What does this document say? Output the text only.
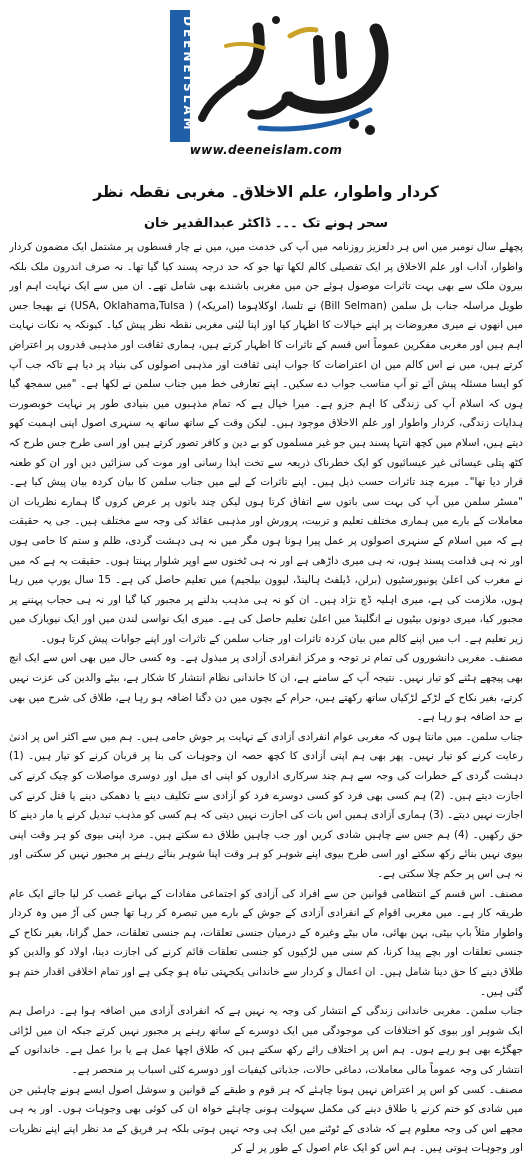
DEENEISLAM
www.deeneislam.com
کردار واطوار، علم الاخلاق۔ مغربی نقطہ نظر
سحر ہونے تک ۔۔۔ ڈاکٹر عبدالقدیر خان

پچھلے سال نومبر میں اس ہر دلعزیز روزنامہ میں آپ کی خدمت میں، میں نے چار قسطوں پر مشتمل ایک مضمون کردار واطوار، آداب اور علم الاخلاق پر ایک تفصیلی کالم لکھا تھا جو کہ حد درجہ پسند کیا گیا تھا۔ نہ صرف اندرون ملک بلکہ بیرون ملک سے بھی بہت تاثرات موصول ہوئے جن میں مغربی باشندے بھی شامل تھے۔ ان میں سے ایک نہایت اہم اور طویل مراسلہ جناب بل سلمن (Bill Selman) نے تلسا، اوکلاہوما (امریکہ) ( USA, Oklahama,Tulsa) نے بھیجا جس میں انھوں نے میری معروضات پر اپنے خیالات کا اظہار کیا اور اپنا لیٰنی مغربی نقطہ نظر پیش کیا۔ کیونکہ یہ نکات نہایت اہم ہیں اور مغربی مفکرین عموماً اس قسم کے تاثرات کا اظہار کرتے ہیں، ہماری ثقافت اور مذہبی قدروں پر اعتراض کرتے ہیں، میں نے اس کالم میں ان اعتراضات کا جواب اپنی ثقافت اور مذہبی اصولوں کی بنیاد پر دیا ہے تاکہ جب آپ کو ایسا مسئلہ پیش آئے تو آپ مناسب جواب دے سکیں۔ اپنے تعارفی خط میں جناب سلمن نے لکھا ہے۔ "میں سمجھ گیا ہوں کہ اسلام آپ کی زندگی کا اہم جزو ہے۔ میرا خیال ہے کہ تمام مذہبوں میں بنیادی طور پر نہایت خوبصورت ہدایات زندگی، کردار واطوار اور علم الاخلاق موجود ہیں۔ لیکن وقت کے ساتھ ساتھ یہ سنہری اصول اپنی اہمیت کھو دیتے ہیں، اسلام میں کچھ انتہا پسند ہیں جو غیر مسلموں کو بے دین و کافر تصور کرتے ہیں اور اسی طرح جس طرح کہ کٹھ پتلی عیسائی غیر عیسائیوں کو ایک خطرناک ذریعہ سے تخت ایذا رسانی اور موت کی سزائیں دیں اور ان کو طعنہ قرار دیا تھا"۔ میرے چند تاثرات حسب ذیل ہیں۔ اپنے تاثرات کے لیے میں جناب سلمن کا بیان کردہ بیان پیش کیا ہے۔ "مسٹر سلمن میں آپ کی بہت سی باتوں سے اتفاق کرتا ہوں لیکن چند باتوں پر عرض کروں گا ہمارے نظریات ان معاملات کے بارے میں ہماری مختلف تعلیم و تربیت، پرورش اور مذہبی عقائد کی وجہ سے مختلف ہیں۔ جی یہ حقیقت ہے کہ میں اسلام کے سنہری اصولوں پر عمل پیرا ہونا ہوں مگر میں نہ ہی دہشت گردی، ظلم و ستم کا حامی ہوں اور نہ ہی قدامت پسند ہوں، نہ ہی میری داڑھی ہے اور نہ ہی ٹخنوں سے اوپر شلوار پہنتا ہوں۔ حقیقت یہ ہے کہ میں نے مغرب کی اعلیٰ یونیورسٹیوں (برلن، ڈیلفٹ ہالینڈ، لیوون بیلجیم) میں تعلیم حاصل کی ہے۔ 15 سال یورپ میں رہا ہوں، ملازمت کی ہے، میری اہلیہ ڈچ نژاد ہیں۔ ان کو نہ ہی مذہب بدلنے پر مجبور کیا گیا اور نہ ہی حجاب پہننے پر مجبور کیا، میری دونوں بیٹیوں نے انگلینڈ میں اعلیٰ تعلیم حاصل کی ہے۔ میری ایک نواسی لندن میں اور ایک نیویارک میں زیر تعلیم ہے۔ اب میں اپنے کالم میں بیان کردہ تاثرات اور جناب سلمن کے تاثرات اور اپنے جوابات پیش کرتا ہوں۔

مصنف۔ مغربی دانشوروں کی تمام تر توجہ و مرکز انفرادی آزادی پر مبذول ہے۔ وہ کسی حال میں بھی اس سے ایک انچ بھی پیچھے ہٹنے کو تیار نہیں۔ نتیجہ آپ کے سامنے ہے، ان کا خاندانی نظام انتشار کا شکار ہے، بیٹے والدین کی عزت نہیں کرتے، بغیر نکاح کے لڑکے لڑکیاں ساتھ رکھتے ہیں، حرام کے بچوں میں دن دگنا اضافہ ہو رہا ہے، طلاق کی شرح میں بھی بے حد اضافہ ہو رہا ہے۔

جناب سلمن۔ میں مانتا ہوں کہ مغربی عوام انفرادی آزادی کے نہایت پر جوش حامی ہیں۔ ہم میں سے اکثر اس پر ادنیٰ رعایت کرنے کو تیار نہیں۔ پھر بھی ہم اپنی آزادی کا کچھ حصہ ان وجوہات کی بنا پر قربان کرنے کو تیار ہیں۔ (1) دہشت گردی کے خطرات کی وجہ سے ہم چند سرکاری اداروں کو اپنی ای میل اور دوسری مواصلات کو چیک کرنے کی اجازت دیتے ہیں۔ (2) ہم کسی بھی فرد کو کسی دوسرے فرد کو آزادی سے تکلیف دینے یا دھمکی دینے یا قتل کرنے کی اجازت نہیں دیتے۔ (3) ہماری آزادی ہمیں اس بات کی اجازت نہیں دیتی کہ ہم کسی کو مذہب تبدیل کرنے یا مار دینے کا حق رکھیں۔ (4) ہم جس سے چاہیں شادی کریں اور جب چاہیں طلاق دے سکتے ہیں۔ مرد اپنی بیوی کو ہر وقت اپنی بیوی نہیں بنائے رکھ سکتے اور اسی طرح بیوی اپنے شوہر کو ہر وقت اپنا شوہر بنائے رہنے پر مجبور نہیں کر سکتی اور نہ ہی اس پر حکم چلا سکتی ہے۔

مصنف۔ اس قسم کے انتظامی قوانین جن سے افراد کی آزادی کو اجتماعی مفادات کے بہانے غصب کر لیا جائے ایک عام طریقہ کار ہے۔ میں مغربی اقوام کے انفرادی آزادی کے جوش کے بارے میں تبصرہ کر رہا تھا جس کی آڑ میں وہ کردار واطوار مثلاً باپ بیٹی، بہن بھائی، ماں بیٹے وغیرہ کے درمیان جنسی تعلقات، ہم جنسی تعلقات، حمل گرانا، بغیر نکاح کے جنسی تعلقات اور بچے پیدا کرنا، کم سنی میں لڑکیوں کو جنسی تعلقات قائم کرنے کی اجازت دینا، اولاد کو والدین کو طلاق دینے کا حق دینا شامل ہیں۔ ان اعمال و کردار سے خاندانی یکجہتی تباہ ہو چکی ہے اور تمام اخلاقی اقدار ختم ہو گئی ہیں۔

جناب سلمن۔ مغربی خاندانی زندگی کے انتشار کی وجہ یہ نہیں ہے کہ انفرادی آزادی میں اضافہ ہوا ہے۔ دراصل ہم ایک شوہر اور بیوی کو اختلافات کی موجودگی میں ایک دوسرے کے ساتھ رہنے پر مجبور نہیں کرتے جبکہ ان میں لڑائی جھگڑے بھی ہو رہے ہوں۔ ہم اس پر اختلاف رائے رکھ سکتے ہیں کہ طلاق اچھا عمل ہے یا برا عمل ہے۔ خاندانوں کے انتشار کی وجہ عموماً مالی معاملات، دماغی حالات، جذباتی کیفیات اور دوسرے کئی اسباب پر منحصر ہے۔

مصنف۔ کسی کو اس پر اعتراض نہیں ہونا چاہئے کہ ہر قوم و طبقے کے قوانین و سوشل اصول ایسے ہونے چاہئیں جن میں شادی کو ختم کرنے یا طلاق دینے کی مکمل سہولت ہونی چاہئے خواہ ان کی کوئی بھی وجوہات ہوں۔ اور یہ ہی مجھے اس کی وجہ معلوم ہے کہ شادی کے ٹوٹنے میں ایک ہی وجہ نہیں ہوتی بلکہ ہر فریق کے مد نظر اپنے اپنے نظریات اور وجوہات ہوتی ہیں۔ ہم اس کو ایک عام اصول کے طور پر لے کر
